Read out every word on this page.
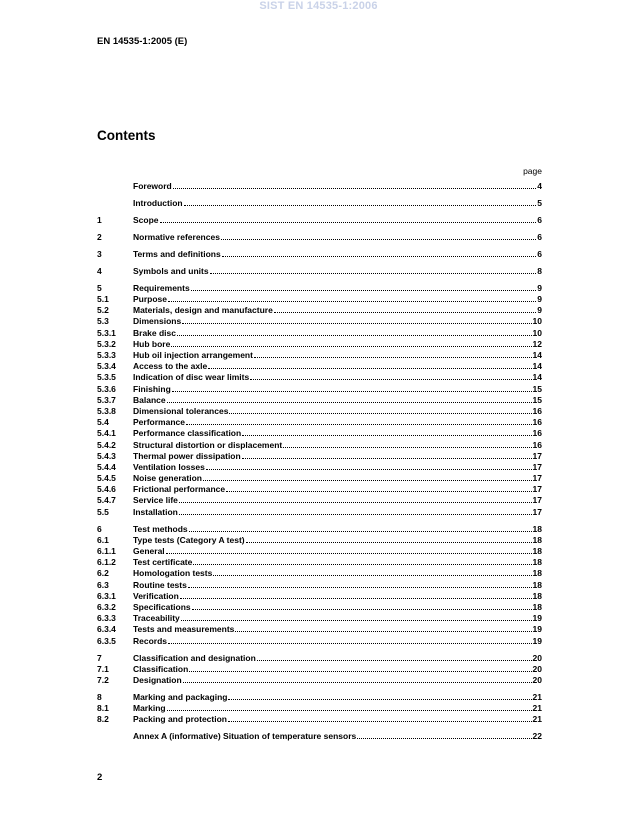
SIST EN 14535-1:2006
EN 14535-1:2005 (E)
Contents
page
Foreword	4
Introduction	5
1	Scope	6
2	Normative references	6
3	Terms and definitions	6
4	Symbols and units	8
5	Requirements	9
5.1	Purpose	9
5.2	Materials, design and manufacture	9
5.3	Dimensions	10
5.3.1	Brake disc	10
5.3.2	Hub bore	12
5.3.3	Hub oil injection arrangement	14
5.3.4	Access to the axle	14
5.3.5	Indication of disc wear limits	14
5.3.6	Finishing	15
5.3.7	Balance	15
5.3.8	Dimensional tolerances	16
5.4	Performance	16
5.4.1	Performance classification	16
5.4.2	Structural distortion or displacement	16
5.4.3	Thermal power dissipation	17
5.4.4	Ventilation losses	17
5.4.5	Noise generation	17
5.4.6	Frictional performance	17
5.4.7	Service life	17
5.5	Installation	17
6	Test methods	18
6.1	Type tests (Category A test)	18
6.1.1	General	18
6.1.2	Test certificate	18
6.2	Homologation tests	18
6.3	Routine tests	18
6.3.1	Verification	18
6.3.2	Specifications	18
6.3.3	Traceability	19
6.3.4	Tests and measurements	19
6.3.5	Records	19
7	Classification and designation	20
7.1	Classification	20
7.2	Designation	20
8	Marking and packaging	21
8.1	Marking	21
8.2	Packing and protection	21
Annex A (informative) Situation of temperature sensors	22
2
